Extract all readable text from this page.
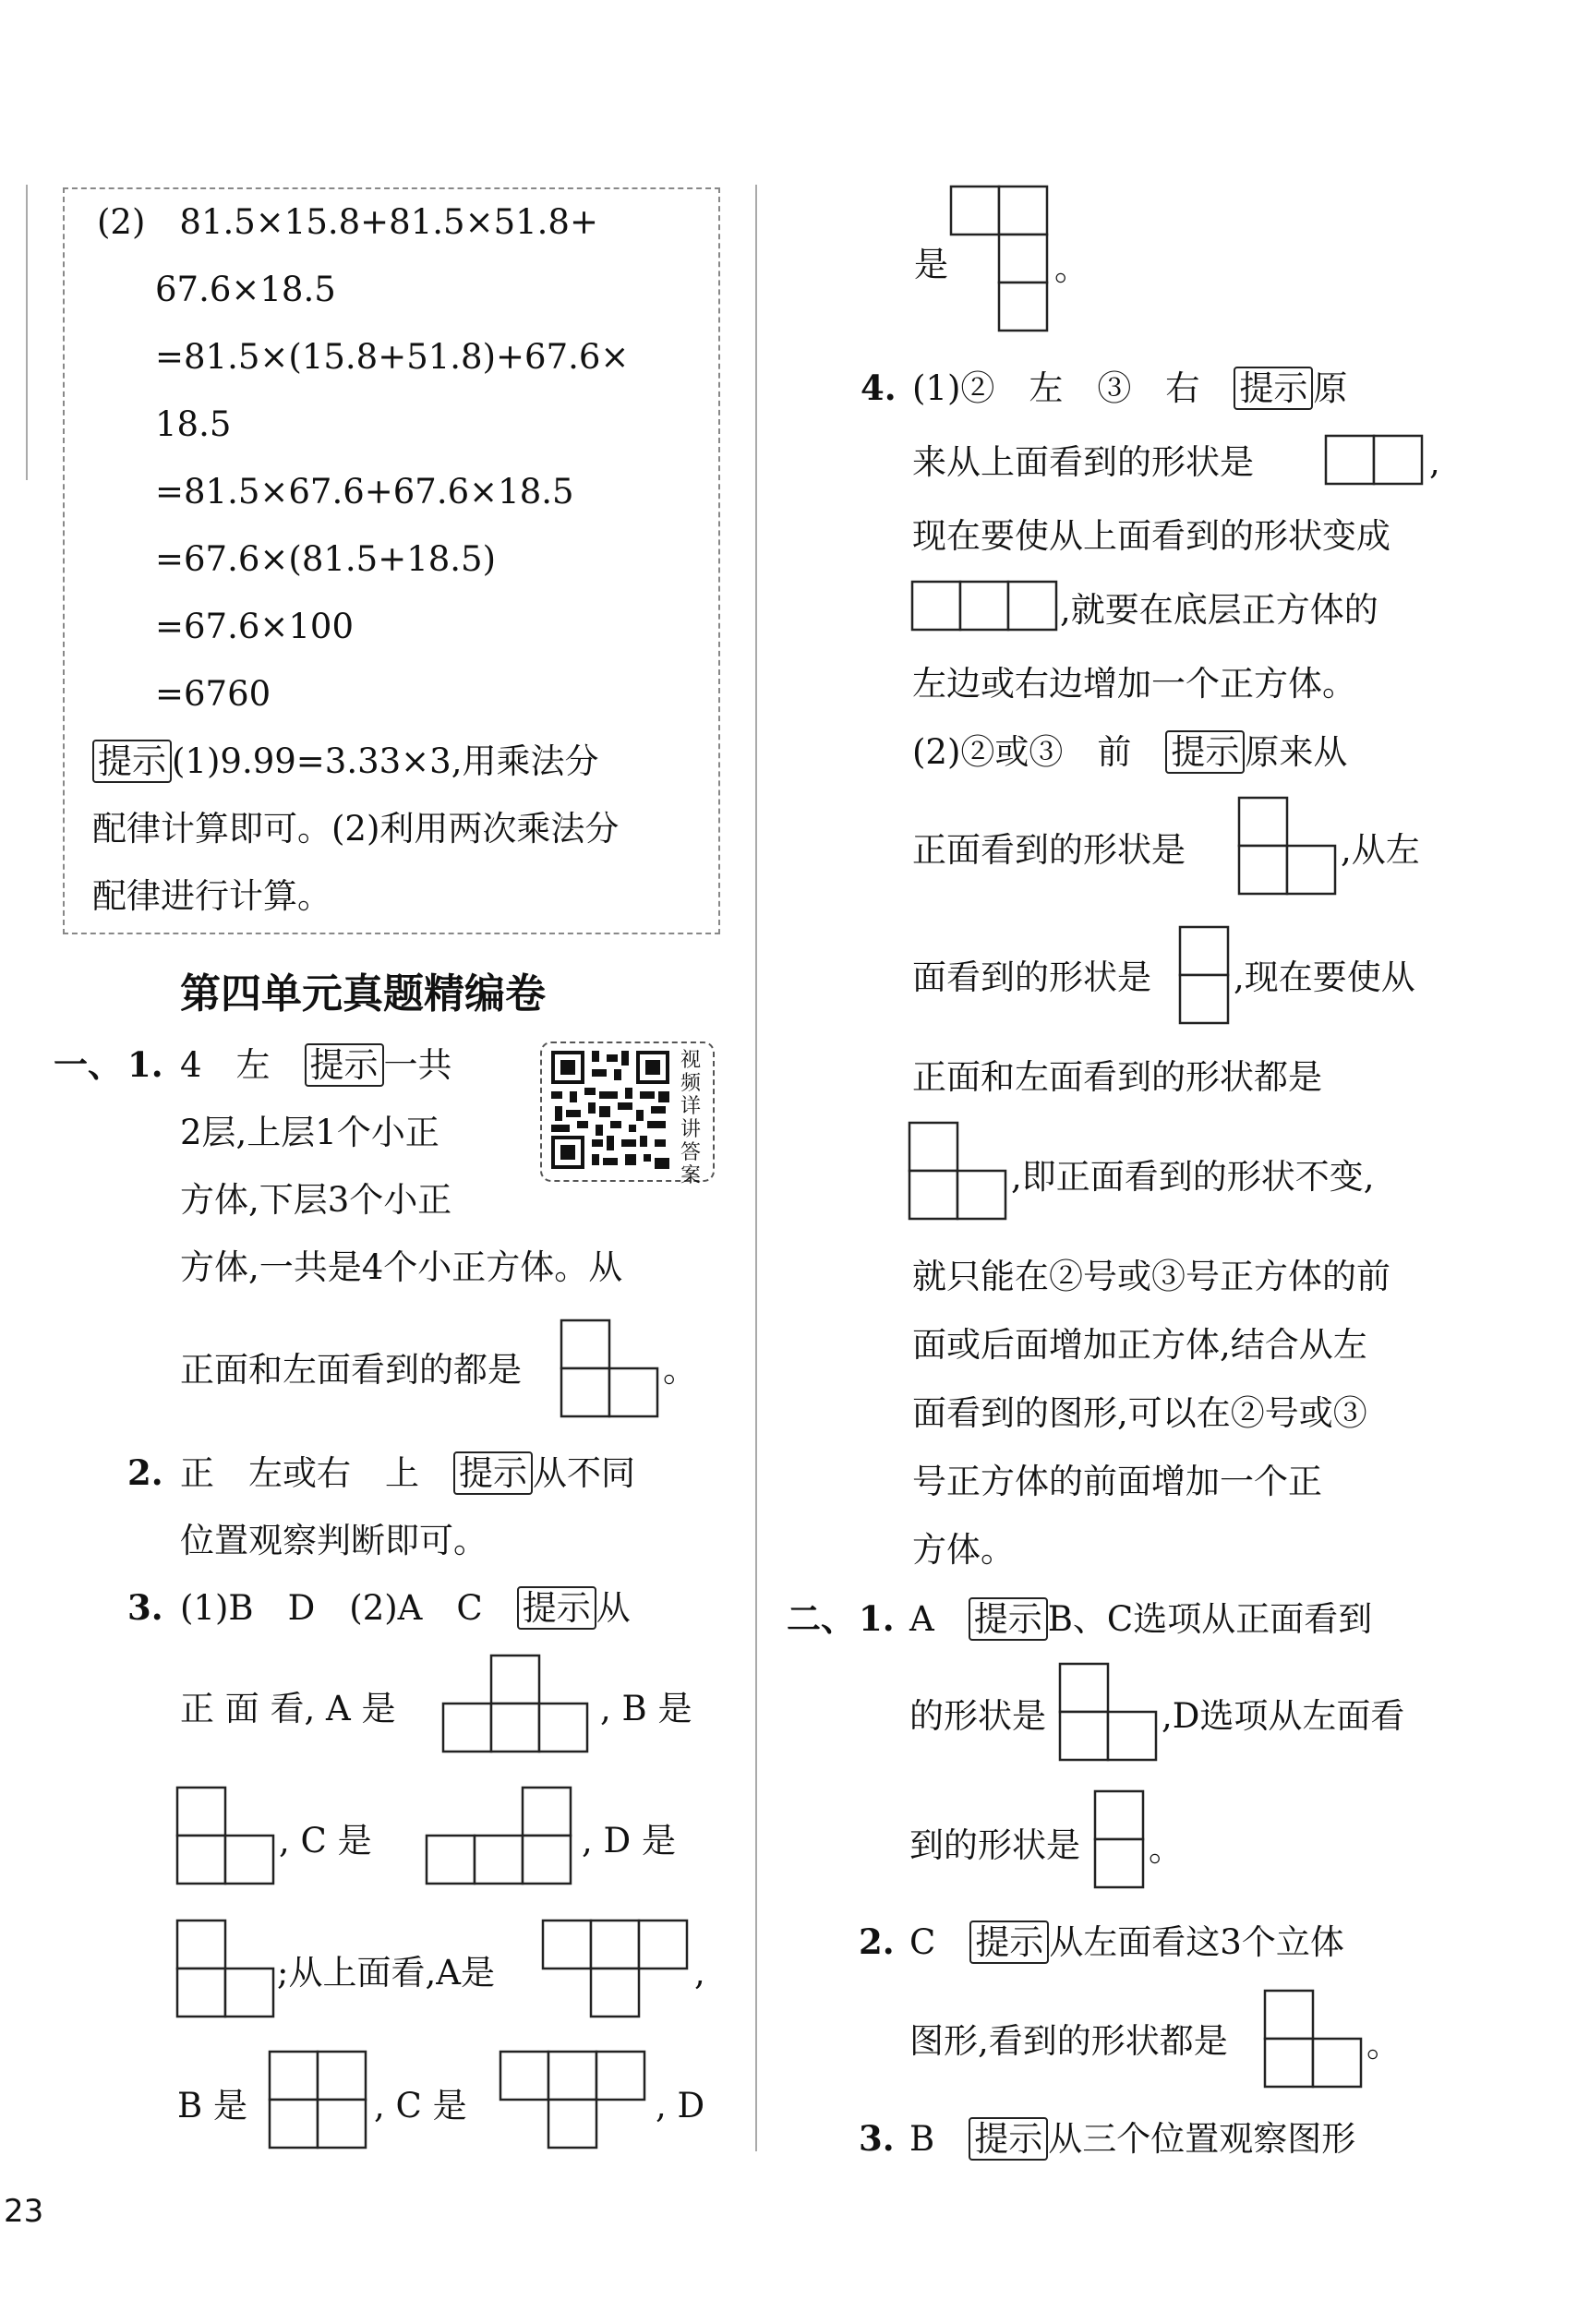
(2)　81.5×15.8+81.5×51.8+
67.6×18.5
=81.5×(15.8+51.8)+67.6×
18.5
=81.5×67.6+67.6×18.5
=67.6×(81.5+18.5)
=67.6×100
=6760
提示 (1)9.99=3.33×3,用乘法分
配律计算即可。(2)利用两次乘法分
配律进行计算。
第四单元真题精编卷
视频详讲答案
一、 1. 4　左　提示 一共
2层,上层1个小正
方体,下层3个小正
方体,一共是4个小正方体。从
正面和左面看到的都是	。
2. 正　左或右　上　提示 从不同
位置观察判断即可。
3. (1)B　D　(2)A　C　提示 从
正 面 看, A 是	, B 是
, C 是	, D 是
;从上面看,A是	,
B 是	, C 是	, D
是	。
4. (1)②　左　③　右　提示 原
来从上面看到的形状是	,
现在要使从上面看到的形状变成
,就要在底层正方体的
左边或右边增加一个正方体。
(2)②或③　前　提示 原来从
正面看到的形状是	,从左
面看到的形状是 ,现在要使从
正面和左面看到的形状都是
,即正面看到的形状不变,
就只能在②号或③号正方体的前
面或后面增加正方体,结合从左
面看到的图形,可以在②号或③
号正方体的前面增加一个正
方体。
二、 1. A　提示 B、C选项从正面看到
的形状是	,D选项从左面看
到的形状是 。
2. C　提示 从左面看这3个立体
图形,看到的形状都是	。
3. B　提示 从三个位置观察图形
23
